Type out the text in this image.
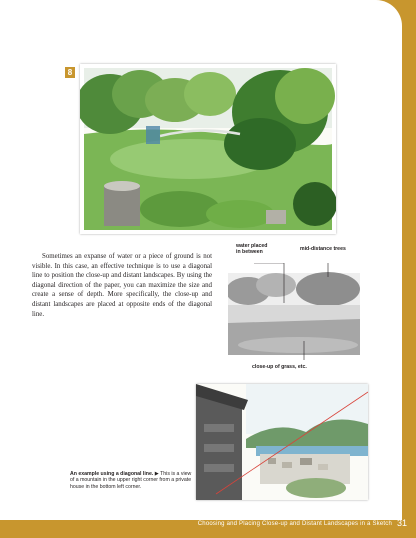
8

Sometimes an expanse of water or a piece of ground is not visible. In this case, an effective technique is to use a diagonal line to position the close-up and distant landscapes. By using the diagonal direction of the paper, you can maximize the size and create a sense of depth. More specifically, the close-up and distant landscapes are placed at opposite ends of the diagonal line.

water placed
in between	mid-distance trees
close-up of grass, etc.
An example using a diagonal line. ▶ This is a view of a mountain in the upper right corner from a private house in the bottom left corner.
Choosing and Placing Close-up and Distant Landscapes in a Sketch 31
